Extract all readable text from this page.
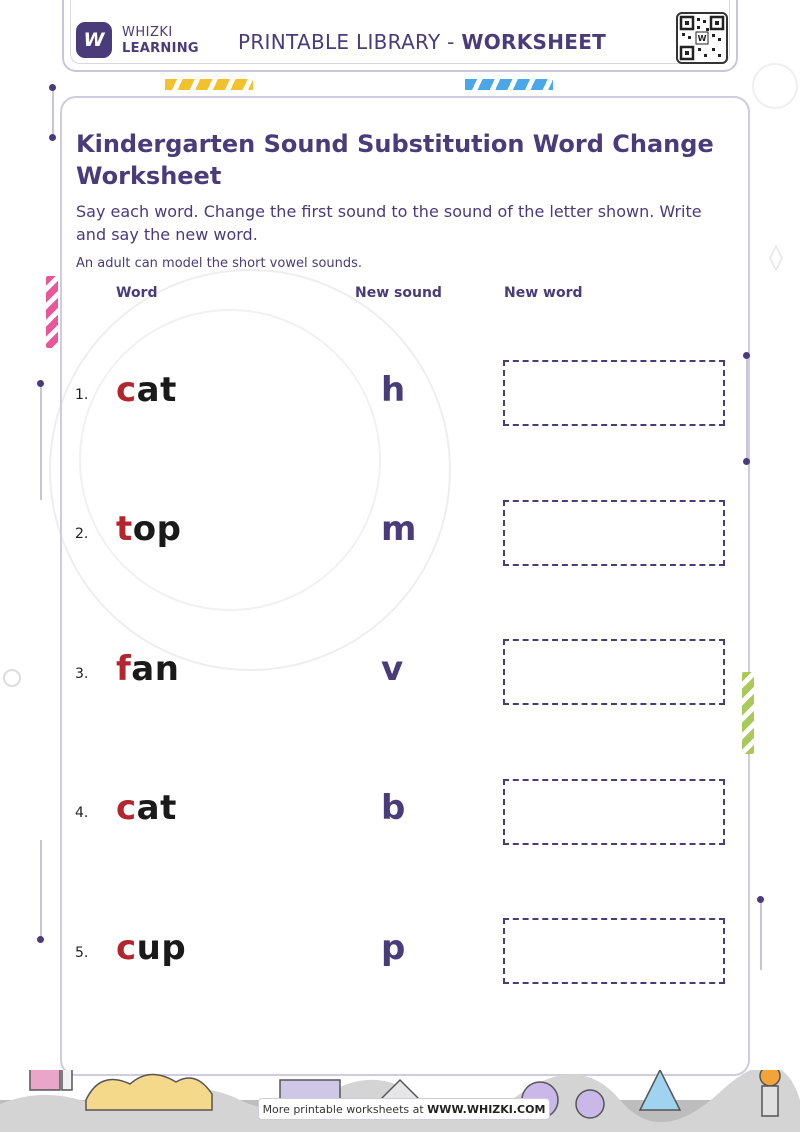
W WHIZKI
LEARNING PRINTABLE LIBRARY - WORKSHEET	W
Kindergarten Sound Substitution Word Change Worksheet
Say each word. Change the first sound to the sound of the letter shown. Write and say the new word.
An adult can model the short vowel sounds.
Word	New sound	New word
1. cat	h
2. top	m
3. fan	v
4. cat	b
5. cup	p
More printable worksheets at WWW.WHIZKI.COM
